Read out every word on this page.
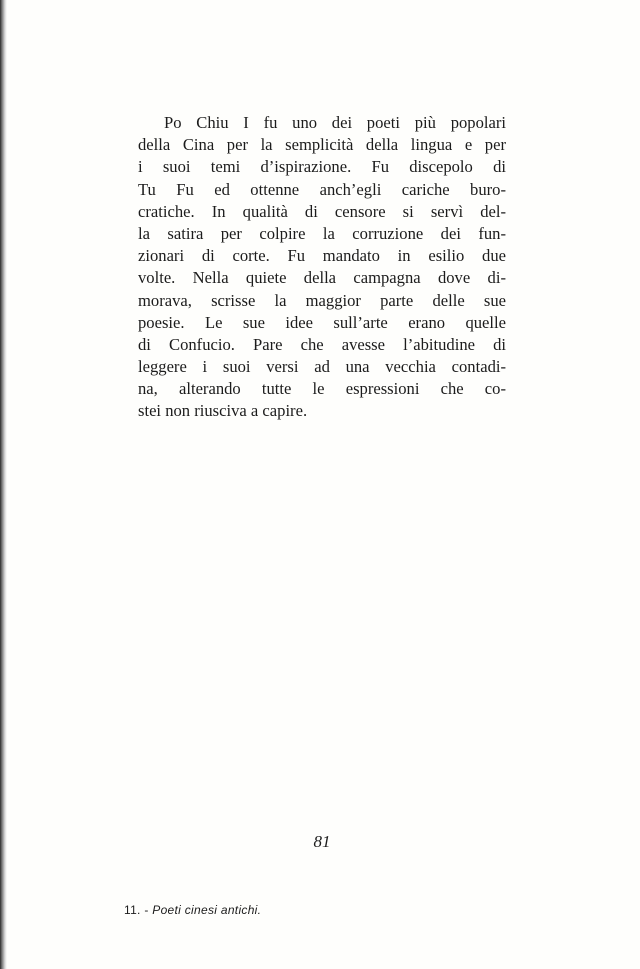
Po Chiu I fu uno dei poeti più popolari
della Cina per la semplicità della lingua e per
i suoi temi d’ispirazione. Fu discepolo di
Tu Fu ed ottenne anch’egli cariche buro-
cratiche. In qualità di censore si servì del-
la satira per colpire la corruzione dei fun-
zionari di corte. Fu mandato in esilio due
volte. Nella quiete della campagna dove di-
morava, scrisse la maggior parte delle sue
poesie. Le sue idee sull’arte erano quelle
di Confucio. Pare che avesse l’abitudine di
leggere i suoi versi ad una vecchia contadi-
na, alterando tutte le espressioni che co-
stei non riusciva a capire.
81
11. - Poeti cinesi antichi.
